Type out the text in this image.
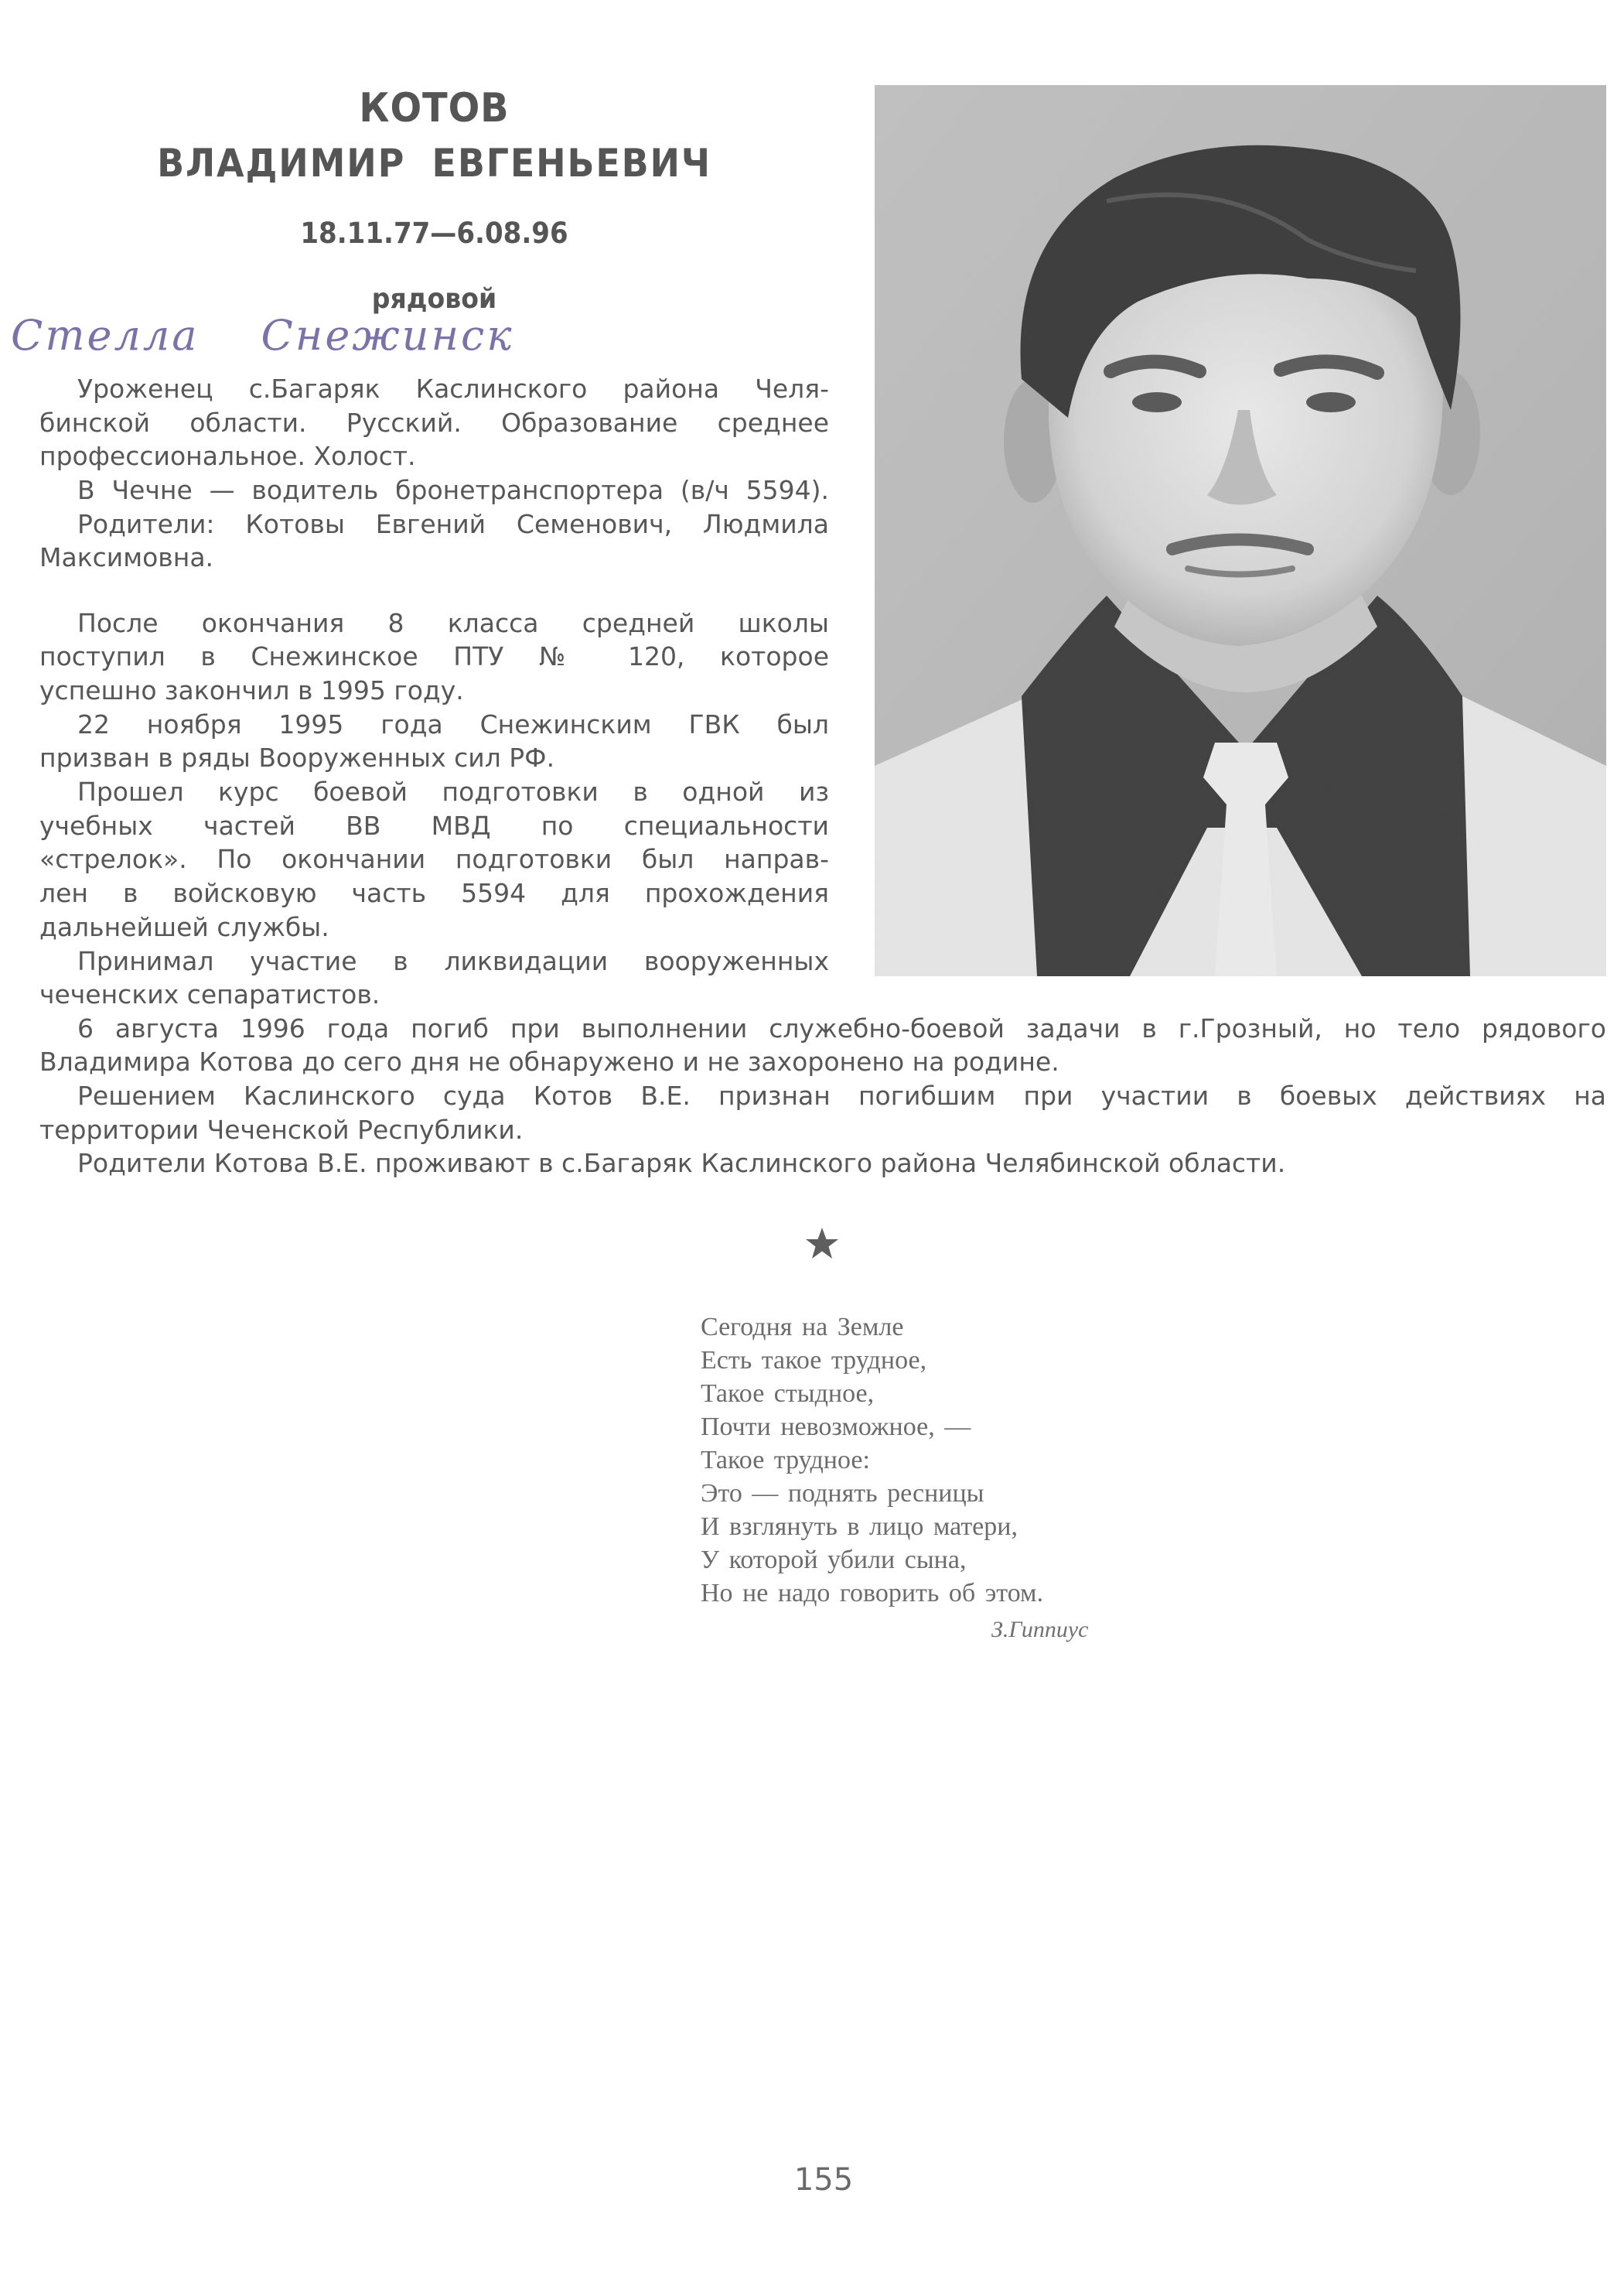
КОТОВ
ВЛАДИМИР ЕВГЕНЬЕВИЧ
18.11.77—6.08.96
рядовой
Стелла Снежинск
Уроженец с.Багаряк Каслинского района Челя-
бинской области. Русский. Образование среднее
профессиональное. Холост.
В Чечне — водитель бронетранспортера (в/ч 5594).
Родители: Котовы Евгений Семенович, Людмила
Максимовна.
После окончания 8 класса средней школы
поступил в Снежинское ПТУ № 120, которое
успешно закончил в 1995 году.
22 ноября 1995 года Снежинским ГВК был
призван в ряды Вооруженных сил РФ.
Прошел курс боевой подготовки в одной из
учебных частей ВВ МВД по специальности
«стрелок». По окончании подготовки был направ-
лен в войсковую часть 5594 для прохождения
дальнейшей службы.
Принимал участие в ликвидации вооруженных
чеченских сепаратистов.
6 августа 1996 года погиб при выполнении служебно-боевой задачи в г.Грозный, но тело рядового
Владимира Котова до сего дня не обнаружено и не захоронено на родине.
Решением Каслинского суда Котов В.Е. признан погибшим при участии в боевых действиях на
территории Чеченской Республики.
Родители Котова В.Е. проживают в с.Багаряк Каслинского района Челябинской области.
Сегодня на Земле
Есть такое трудное,
Такое стыдное,
Почти невозможное, —
Такое трудное:
Это — поднять ресницы
И взглянуть в лицо матери,
У которой убили сына,
Но не надо говорить об этом.
З.Гиппиус
155
